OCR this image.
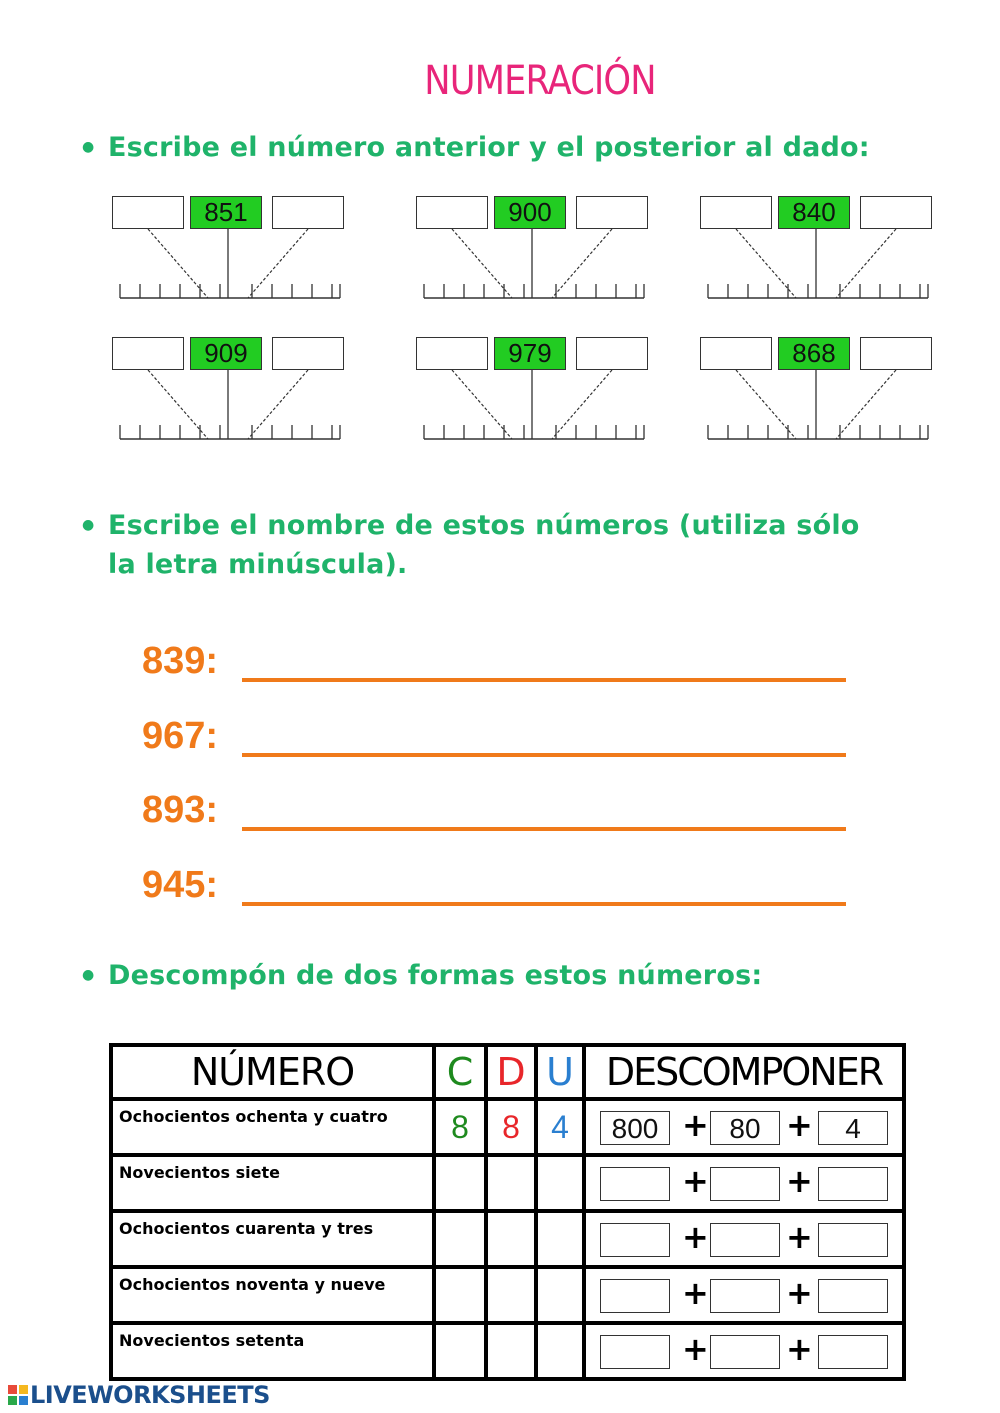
NUMERACIÓN
● Escribe el número anterior y el posterior al dado:
851	900	840
909	979	868
● Escribe el nombre de estos números (utiliza sólo
la letra minúscula).
839:
967:
893:
945:
● Descompón de dos formas estos números:
NÚMERO	C	D	U	DESCOMPONER
Ochocientos ochenta y cuatro	8	8	4	800 + 80 + 4

Novecientos siete				+ +

Ochocientos cuarenta y tres				+ +

Ochocientos noventa y nueve				+ +

Novecientos setenta				+ +
LIVEWORKSHEETS
